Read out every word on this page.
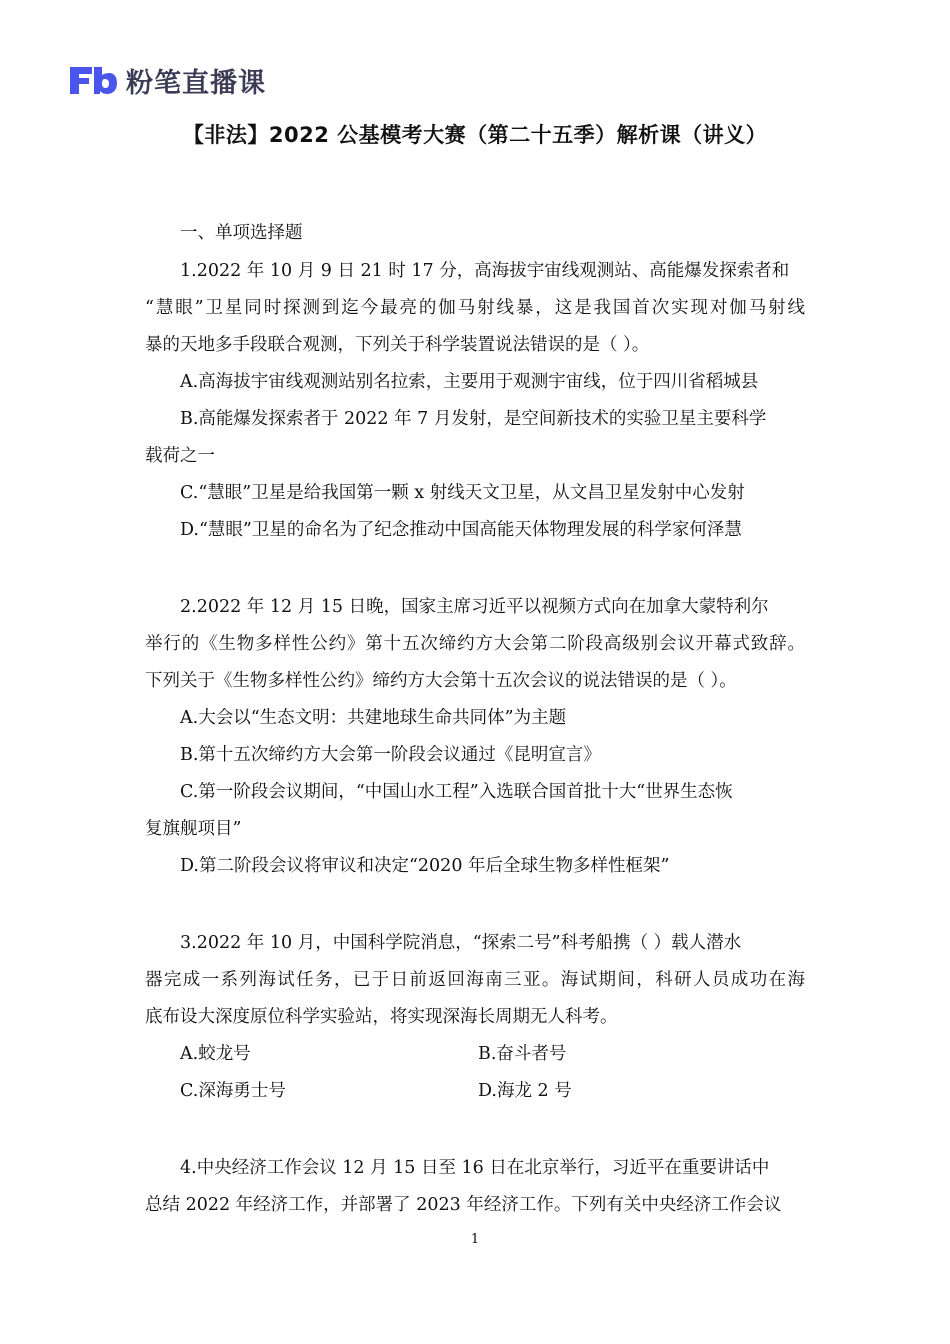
粉笔直播课
【非法】2022 公基模考大赛（第二十五季）解析课（讲义）
一、单项选择题
1.2022 年 10 月 9 日 21 时 17 分，高海拔宇宙线观测站、高能爆发探索者和
“慧眼”卫星同时探测到迄今最亮的伽马射线暴，这是我国首次实现对伽马射线
暴的天地多手段联合观测，下列关于科学装置说法错误的是（ ）。
A.高海拔宇宙线观测站别名拉索，主要用于观测宇宙线，位于四川省稻城县
B.高能爆发探索者于 2022 年 7 月发射，是空间新技术的实验卫星主要科学
载荷之一
C.“慧眼”卫星是给我国第一颗 x 射线天文卫星，从文昌卫星发射中心发射
D.“慧眼”卫星的命名为了纪念推动中国高能天体物理发展的科学家何泽慧
2.2022 年 12 月 15 日晚，国家主席习近平以视频方式向在加拿大蒙特利尔
举行的《生物多样性公约》第十五次缔约方大会第二阶段高级别会议开幕式致辞。
下列关于《生物多样性公约》缔约方大会第十五次会议的说法错误的是（ ）。
A.大会以“生态文明：共建地球生命共同体”为主题
B.第十五次缔约方大会第一阶段会议通过《昆明宣言》
C.第一阶段会议期间，“中国山水工程”入选联合国首批十大“世界生态恢
复旗舰项目”
D.第二阶段会议将审议和决定“2020 年后全球生物多样性框架”
3.2022 年 10 月，中国科学院消息，“探索二号”科考船携（ ）载人潜水
器完成一系列海试任务，已于日前返回海南三亚。海试期间，科研人员成功在海
底布设大深度原位科学实验站，将实现深海长周期无人科考。
A.蛟龙号	B.奋斗者号
C.深海勇士号	D.海龙 2 号
4.中央经济工作会议 12 月 15 日至 16 日在北京举行，习近平在重要讲话中
总结 2022 年经济工作，并部署了 2023 年经济工作。下列有关中央经济工作会议
1
